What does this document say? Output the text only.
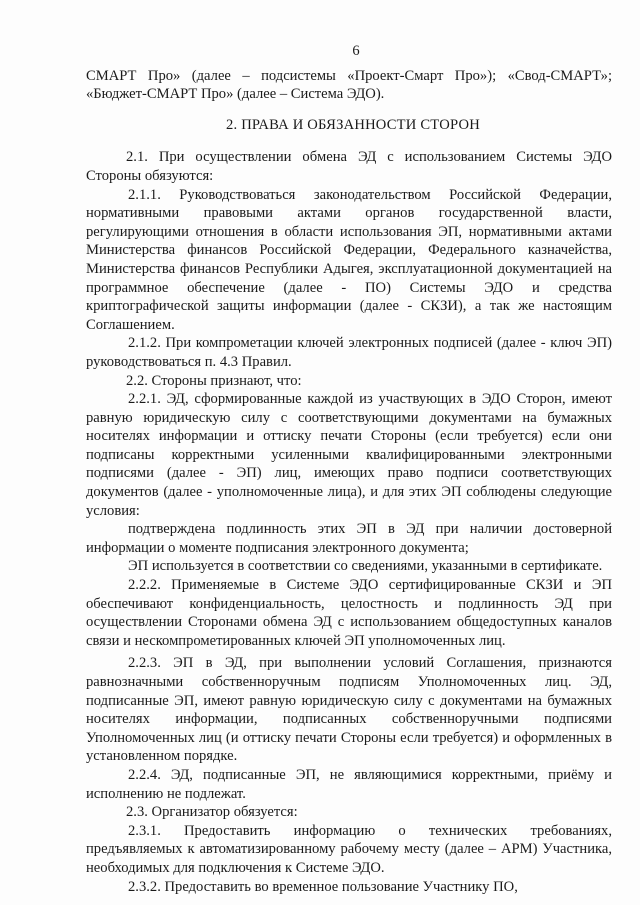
6

СМАРТ Про» (далее – подсистемы «Проект-Смарт Про»); «Свод-СМАРТ»; «Бюджет-СМАРТ Про» (далее – Система ЭДО).

2. ПРАВА И ОБЯЗАННОСТИ СТОРОН

2.1. При осуществлении обмена ЭД с использованием Системы ЭДО Стороны обязуются:

2.1.1. Руководствоваться законодательством Российской Федерации, нормативными правовыми актами органов государственной власти, регулирующими отношения в области использования ЭП, нормативными актами Министерства финансов Российской Федерации, Федерального казначейства, Министерства финансов Республики Адыгея, эксплуатационной документацией на программное обеспечение (далее - ПО) Системы ЭДО и средства криптографической защиты информации (далее - СКЗИ), а так же настоящим Соглашением.

2.1.2. При компрометации ключей электронных подписей (далее - ключ ЭП) руководствоваться п. 4.3 Правил.

2.2. Стороны признают, что:

2.2.1. ЭД, сформированные каждой из участвующих в ЭДО Сторон, имеют равную юридическую силу с соответствующими документами на бумажных носителях информации и оттиску печати Стороны (если требуется) если они подписаны корректными усиленными квалифицированными электронными подписями (далее - ЭП) лиц, имеющих право подписи соответствующих документов (далее - уполномоченные лица), и для этих ЭП соблюдены следующие условия:

подтверждена подлинность этих ЭП в ЭД при наличии достоверной информации о моменте подписания электронного документа;

ЭП используется в соответствии со сведениями, указанными в сертификате.

2.2.2. Применяемые в Системе ЭДО сертифицированные СКЗИ и ЭП обеспечивают конфиденциальность, целостность и подлинность ЭД при осуществлении Сторонами обмена ЭД с использованием общедоступных каналов связи и нескомпрометированных ключей ЭП уполномоченных лиц.

2.2.3. ЭП в ЭД, при выполнении условий Соглашения, признаются равнозначными собственноручным подписям Уполномоченных лиц. ЭД, подписанные ЭП, имеют равную юридическую силу с документами на бумажных носителях информации, подписанных собственноручными подписями Уполномоченных лиц (и оттиску печати Стороны если требуется) и оформленных в установленном порядке.

2.2.4. ЭД, подписанные ЭП, не являющимися корректными, приёму и исполнению не подлежат.

2.3. Организатор обязуется:

2.3.1. Предоставить информацию о технических требованиях, предъявляемых к автоматизированному рабочему месту (далее – АРМ) Участника, необходимых для подключения к Системе ЭДО.

2.3.2. Предоставить во временное пользование Участнику ПО,
